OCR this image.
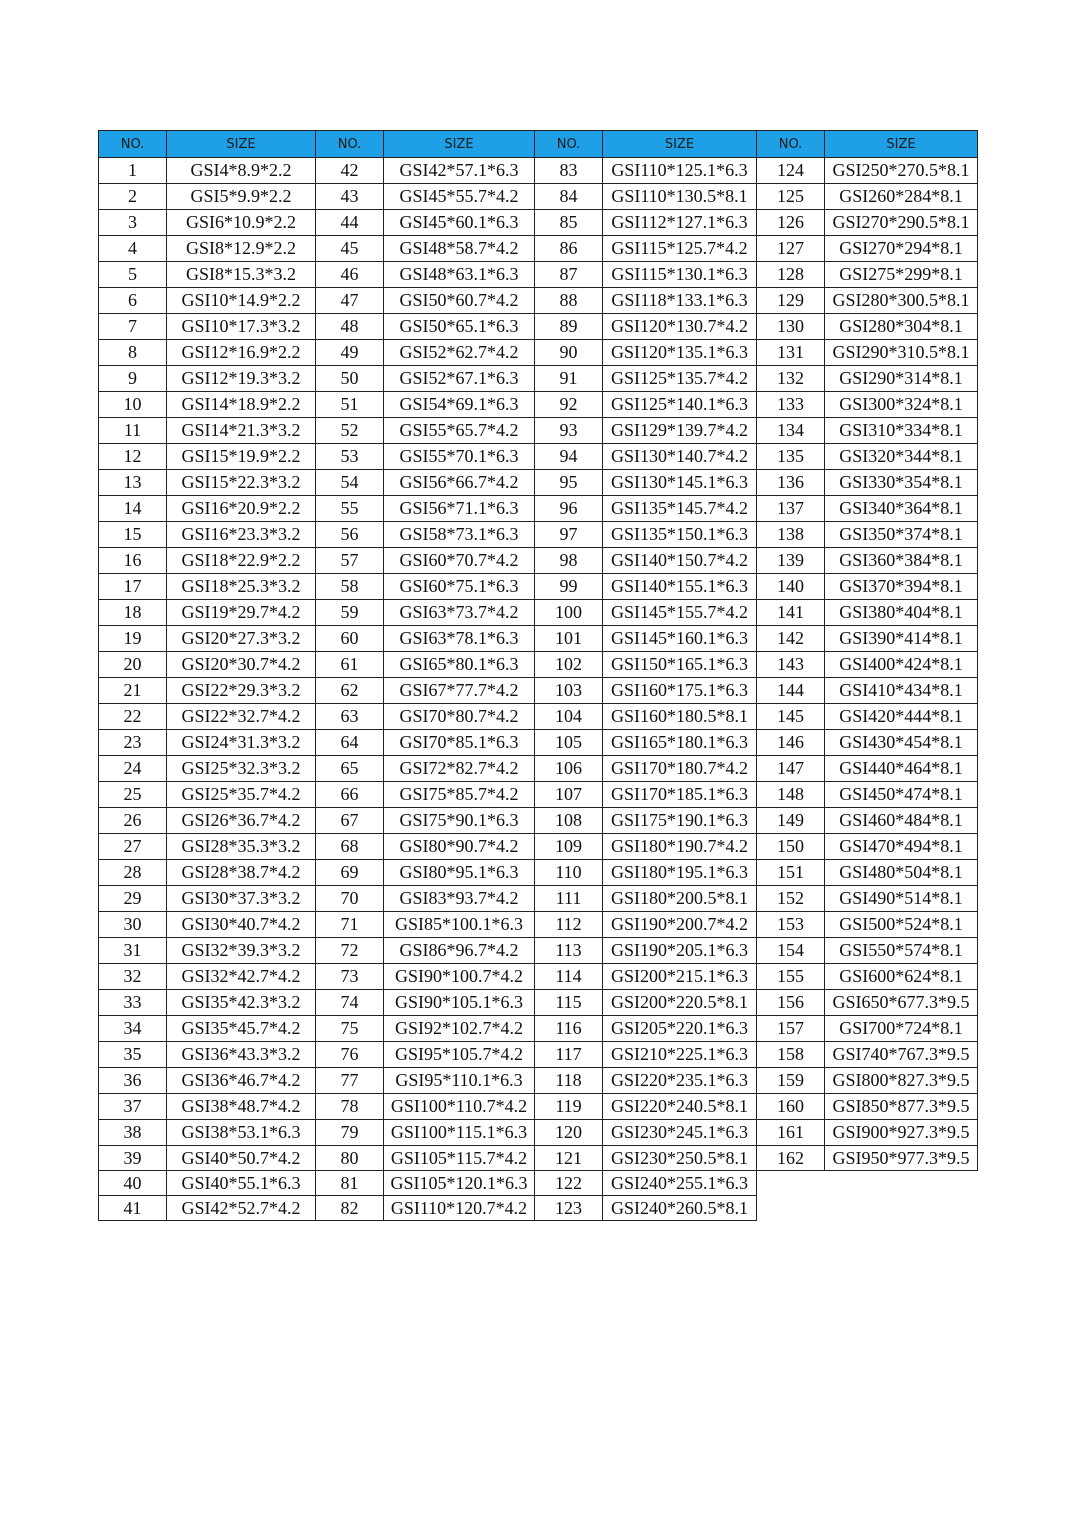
NO.	SIZE	NO.	SIZE	NO.	SIZE	NO.	SIZE
1	GSI4*8.9*2.2	42	GSI42*57.1*6.3	83	GSI110*125.1*6.3	124	GSI250*270.5*8.1
2	GSI5*9.9*2.2	43	GSI45*55.7*4.2	84	GSI110*130.5*8.1	125	GSI260*284*8.1
3	GSI6*10.9*2.2	44	GSI45*60.1*6.3	85	GSI112*127.1*6.3	126	GSI270*290.5*8.1
4	GSI8*12.9*2.2	45	GSI48*58.7*4.2	86	GSI115*125.7*4.2	127	GSI270*294*8.1
5	GSI8*15.3*3.2	46	GSI48*63.1*6.3	87	GSI115*130.1*6.3	128	GSI275*299*8.1
6	GSI10*14.9*2.2	47	GSI50*60.7*4.2	88	GSI118*133.1*6.3	129	GSI280*300.5*8.1
7	GSI10*17.3*3.2	48	GSI50*65.1*6.3	89	GSI120*130.7*4.2	130	GSI280*304*8.1
8	GSI12*16.9*2.2	49	GSI52*62.7*4.2	90	GSI120*135.1*6.3	131	GSI290*310.5*8.1
9	GSI12*19.3*3.2	50	GSI52*67.1*6.3	91	GSI125*135.7*4.2	132	GSI290*314*8.1
10	GSI14*18.9*2.2	51	GSI54*69.1*6.3	92	GSI125*140.1*6.3	133	GSI300*324*8.1
11	GSI14*21.3*3.2	52	GSI55*65.7*4.2	93	GSI129*139.7*4.2	134	GSI310*334*8.1
12	GSI15*19.9*2.2	53	GSI55*70.1*6.3	94	GSI130*140.7*4.2	135	GSI320*344*8.1
13	GSI15*22.3*3.2	54	GSI56*66.7*4.2	95	GSI130*145.1*6.3	136	GSI330*354*8.1
14	GSI16*20.9*2.2	55	GSI56*71.1*6.3	96	GSI135*145.7*4.2	137	GSI340*364*8.1
15	GSI16*23.3*3.2	56	GSI58*73.1*6.3	97	GSI135*150.1*6.3	138	GSI350*374*8.1
16	GSI18*22.9*2.2	57	GSI60*70.7*4.2	98	GSI140*150.7*4.2	139	GSI360*384*8.1
17	GSI18*25.3*3.2	58	GSI60*75.1*6.3	99	GSI140*155.1*6.3	140	GSI370*394*8.1
18	GSI19*29.7*4.2	59	GSI63*73.7*4.2	100	GSI145*155.7*4.2	141	GSI380*404*8.1
19	GSI20*27.3*3.2	60	GSI63*78.1*6.3	101	GSI145*160.1*6.3	142	GSI390*414*8.1
20	GSI20*30.7*4.2	61	GSI65*80.1*6.3	102	GSI150*165.1*6.3	143	GSI400*424*8.1
21	GSI22*29.3*3.2	62	GSI67*77.7*4.2	103	GSI160*175.1*6.3	144	GSI410*434*8.1
22	GSI22*32.7*4.2	63	GSI70*80.7*4.2	104	GSI160*180.5*8.1	145	GSI420*444*8.1
23	GSI24*31.3*3.2	64	GSI70*85.1*6.3	105	GSI165*180.1*6.3	146	GSI430*454*8.1
24	GSI25*32.3*3.2	65	GSI72*82.7*4.2	106	GSI170*180.7*4.2	147	GSI440*464*8.1
25	GSI25*35.7*4.2	66	GSI75*85.7*4.2	107	GSI170*185.1*6.3	148	GSI450*474*8.1
26	GSI26*36.7*4.2	67	GSI75*90.1*6.3	108	GSI175*190.1*6.3	149	GSI460*484*8.1
27	GSI28*35.3*3.2	68	GSI80*90.7*4.2	109	GSI180*190.7*4.2	150	GSI470*494*8.1
28	GSI28*38.7*4.2	69	GSI80*95.1*6.3	110	GSI180*195.1*6.3	151	GSI480*504*8.1
29	GSI30*37.3*3.2	70	GSI83*93.7*4.2	111	GSI180*200.5*8.1	152	GSI490*514*8.1
30	GSI30*40.7*4.2	71	GSI85*100.1*6.3	112	GSI190*200.7*4.2	153	GSI500*524*8.1
31	GSI32*39.3*3.2	72	GSI86*96.7*4.2	113	GSI190*205.1*6.3	154	GSI550*574*8.1
32	GSI32*42.7*4.2	73	GSI90*100.7*4.2	114	GSI200*215.1*6.3	155	GSI600*624*8.1
33	GSI35*42.3*3.2	74	GSI90*105.1*6.3	115	GSI200*220.5*8.1	156	GSI650*677.3*9.5
34	GSI35*45.7*4.2	75	GSI92*102.7*4.2	116	GSI205*220.1*6.3	157	GSI700*724*8.1
35	GSI36*43.3*3.2	76	GSI95*105.7*4.2	117	GSI210*225.1*6.3	158	GSI740*767.3*9.5
36	GSI36*46.7*4.2	77	GSI95*110.1*6.3	118	GSI220*235.1*6.3	159	GSI800*827.3*9.5
37	GSI38*48.7*4.2	78	GSI100*110.7*4.2	119	GSI220*240.5*8.1	160	GSI850*877.3*9.5
38	GSI38*53.1*6.3	79	GSI100*115.1*6.3	120	GSI230*245.1*6.3	161	GSI900*927.3*9.5
39	GSI40*50.7*4.2	80	GSI105*115.7*4.2	121	GSI230*250.5*8.1	162	GSI950*977.3*9.5
40	GSI40*55.1*6.3	81	GSI105*120.1*6.3	122	GSI240*255.1*6.3		
41	GSI42*52.7*4.2	82	GSI110*120.7*4.2	123	GSI240*260.5*8.1		
